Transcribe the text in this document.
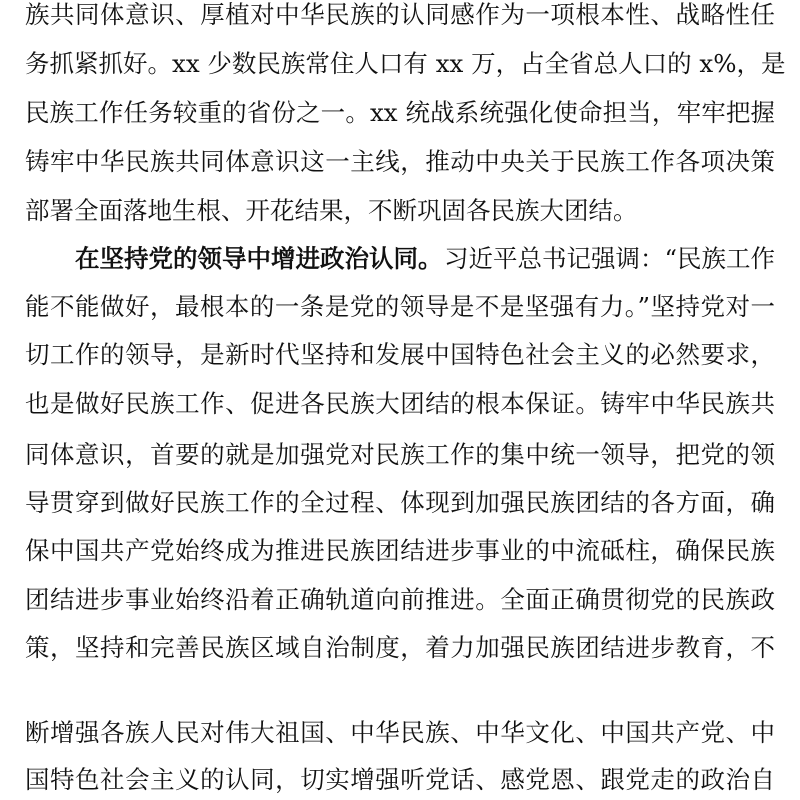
族共同体意识、厚植对中华民族的认同感作为一项根本性、战略性任
务抓紧抓好。xx 少数民族常住人口有 xx 万，占全省总人口的 x%，是
民族工作任务较重的省份之一。xx 统战系统强化使命担当，牢牢把握
铸牢中华民族共同体意识这一主线，推动中央关于民族工作各项决策
部署全面落地生根、开花结果，不断巩固各民族大团结。
在坚持党的领导中增进政治认同。 习近平总书记强调：“民族工作
能不能做好，最根本的一条是党的领导是不是坚强有力。”坚持党对一
切工作的领导，是新时代坚持和发展中国特色社会主义的必然要求，
也是做好民族工作、促进各民族大团结的根本保证。铸牢中华民族共
同体意识，首要的就是加强党对民族工作的集中统一领导，把党的领
导贯穿到做好民族工作的全过程、体现到加强民族团结的各方面，确
保中国共产党始终成为推进民族团结进步事业的中流砥柱，确保民族
团结进步事业始终沿着正确轨道向前推进。全面正确贯彻党的民族政
策，坚持和完善民族区域自治制度，着力加强民族团结进步教育，不
断增强各族人民对伟大祖国、中华民族、中华文化、中国共产党、中
国特色社会主义的认同，切实增强听党话、感党恩、跟党走的政治自
